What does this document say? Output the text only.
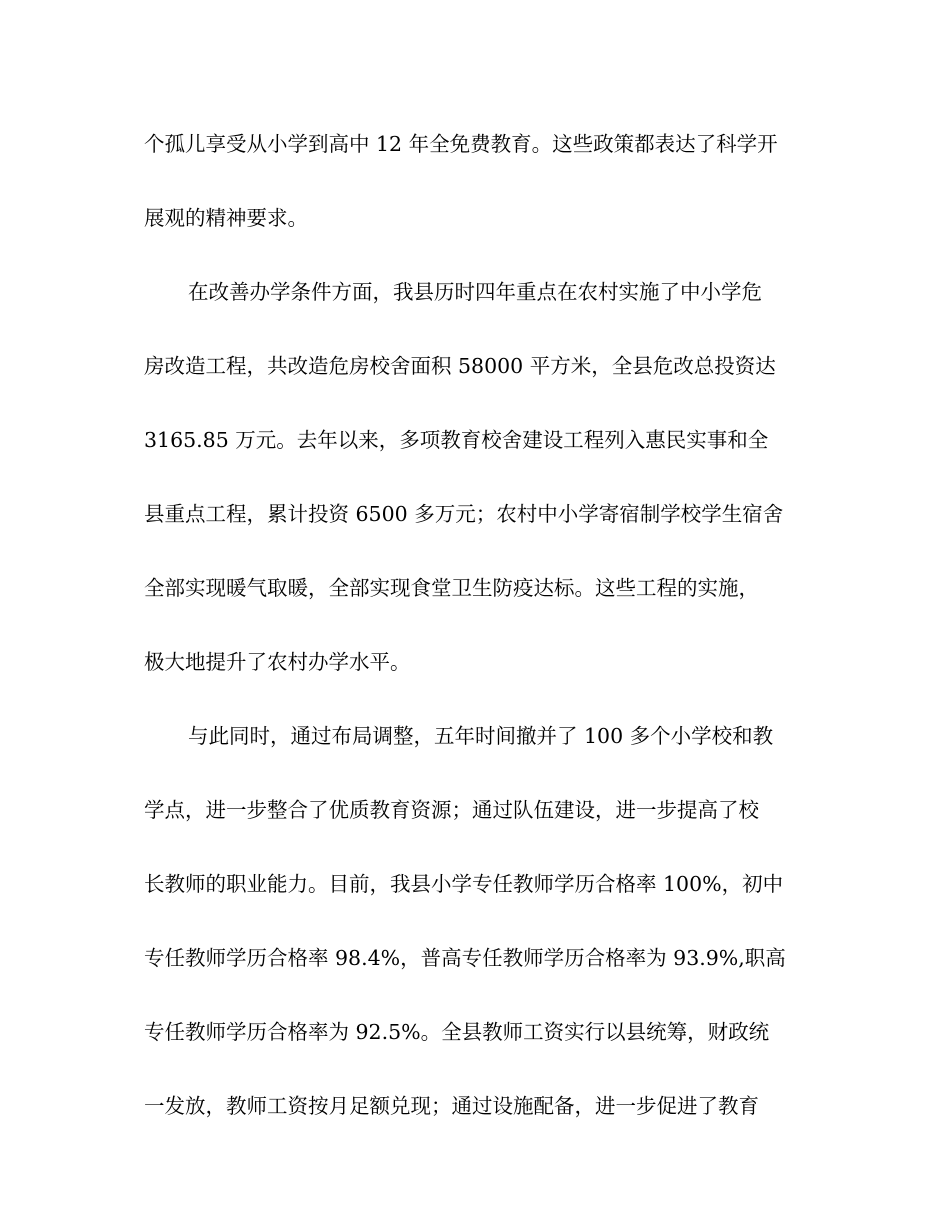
个孤儿享受从小学到高中 12 年全免费教育。这些政策都表达了科学开
展观的精神要求。
在改善办学条件方面，我县历时四年重点在农村实施了中小学危
房改造工程，共改造危房校舍面积 58000 平方米，全县危改总投资达
3165.85 万元。去年以来，多项教育校舍建设工程列入惠民实事和全
县重点工程，累计投资 6500 多万元；农村中小学寄宿制学校学生宿舍
全部实现暖气取暖，全部实现食堂卫生防疫达标。这些工程的实施，
极大地提升了农村办学水平。
与此同时，通过布局调整，五年时间撤并了 100 多个小学校和教
学点，进一步整合了优质教育资源；通过队伍建设，进一步提高了校
长教师的职业能力。目前，我县小学专任教师学历合格率 100%，初中
专任教师学历合格率 98.4%，普高专任教师学历合格率为 93.9%,职高
专任教师学历合格率为 92.5%。全县教师工资实行以县统筹，财政统
一发放，教师工资按月足额兑现；通过设施配备，进一步促进了教育
